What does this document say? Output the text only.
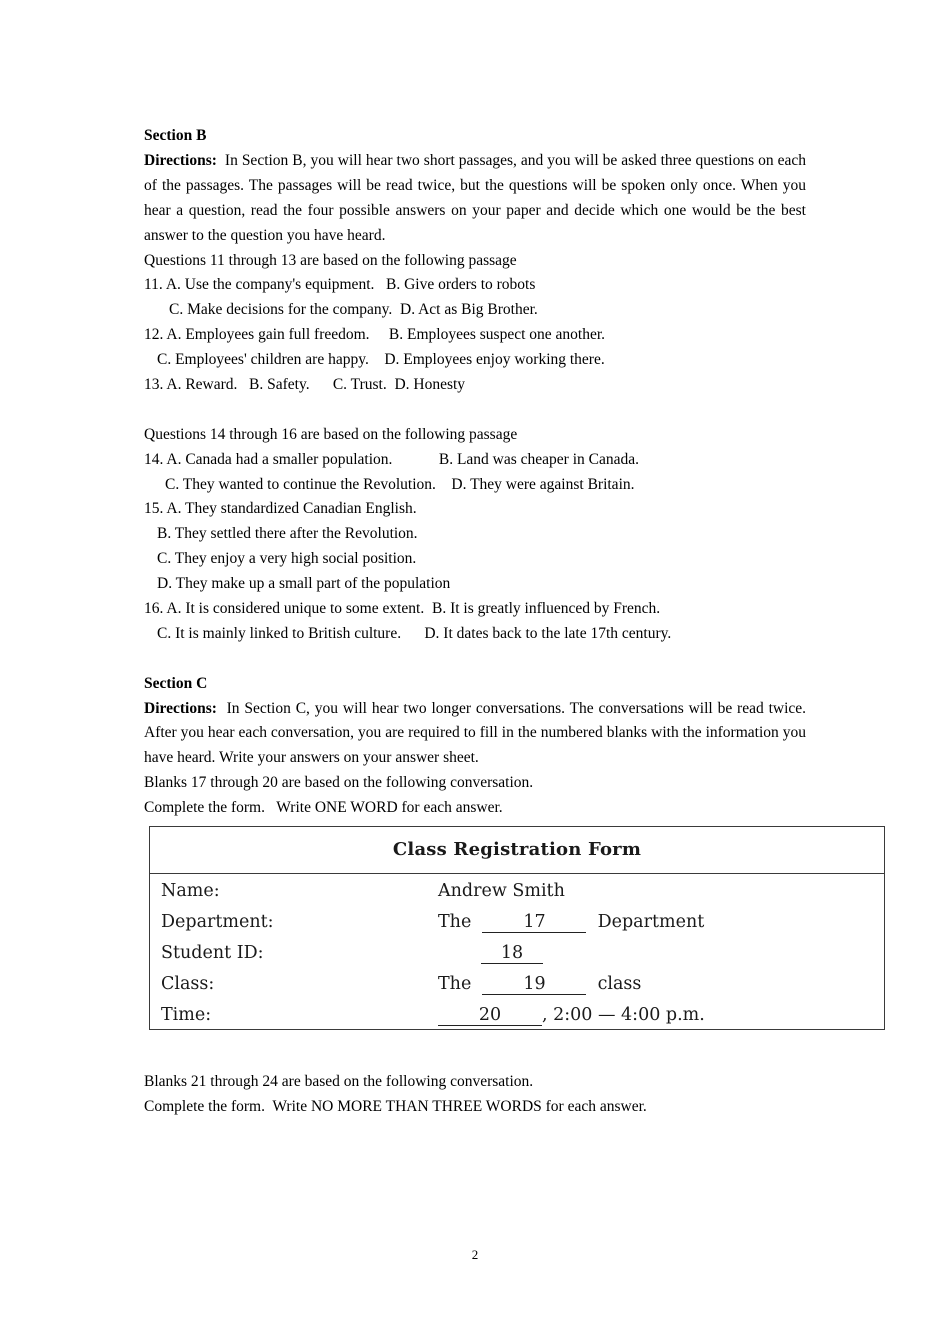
Section B
Directions: In Section B, you will hear two short passages, and you will be asked three questions on each of the passages. The passages will be read twice, but the questions will be spoken only once. When you hear a question, read the four possible answers on your paper and decide which one would be the best answer to the question you have heard.
Questions 11 through 13 are based on the following passage
11. A. Use the company's equipment.   B. Give orders to robots
C. Make decisions for the company.  D. Act as Big Brother.
12. A. Employees gain full freedom.     B. Employees suspect one another.
C. Employees' children are happy.    D. Employees enjoy working there.
13. A. Reward.   B. Safety.      C. Trust.  D. Honesty
Questions 14 through 16 are based on the following passage
14. A. Canada had a smaller population.            B. Land was cheaper in Canada.
C. They wanted to continue the Revolution.    D. They were against Britain.
15. A. They standardized Canadian English.
B. They settled there after the Revolution.
C. They enjoy a very high social position.
D. They make up a small part of the population
16. A. It is considered unique to some extent.  B. It is greatly influenced by French.
C. It is mainly linked to British culture.      D. It dates back to the late 17th century.
Section C
Directions: In Section C, you will hear two longer conversations. The conversations will be read twice. After you hear each conversation, you are required to fill in the numbered blanks with the information you have heard. Write your answers on your answer sheet.
Blanks 17 through 20 are based on the following conversation.
Complete the form.   Write ONE WORD for each answer.
Class Registration Form
Name:	Andrew Smith
Department:	The	17	Department
Student ID:	18
Class:	The	19	class
Time:	20 , 2:00 — 4:00 p.m.
Blanks 21 through 24 are based on the following conversation.
Complete the form.  Write NO MORE THAN THREE WORDS for each answer.
2
